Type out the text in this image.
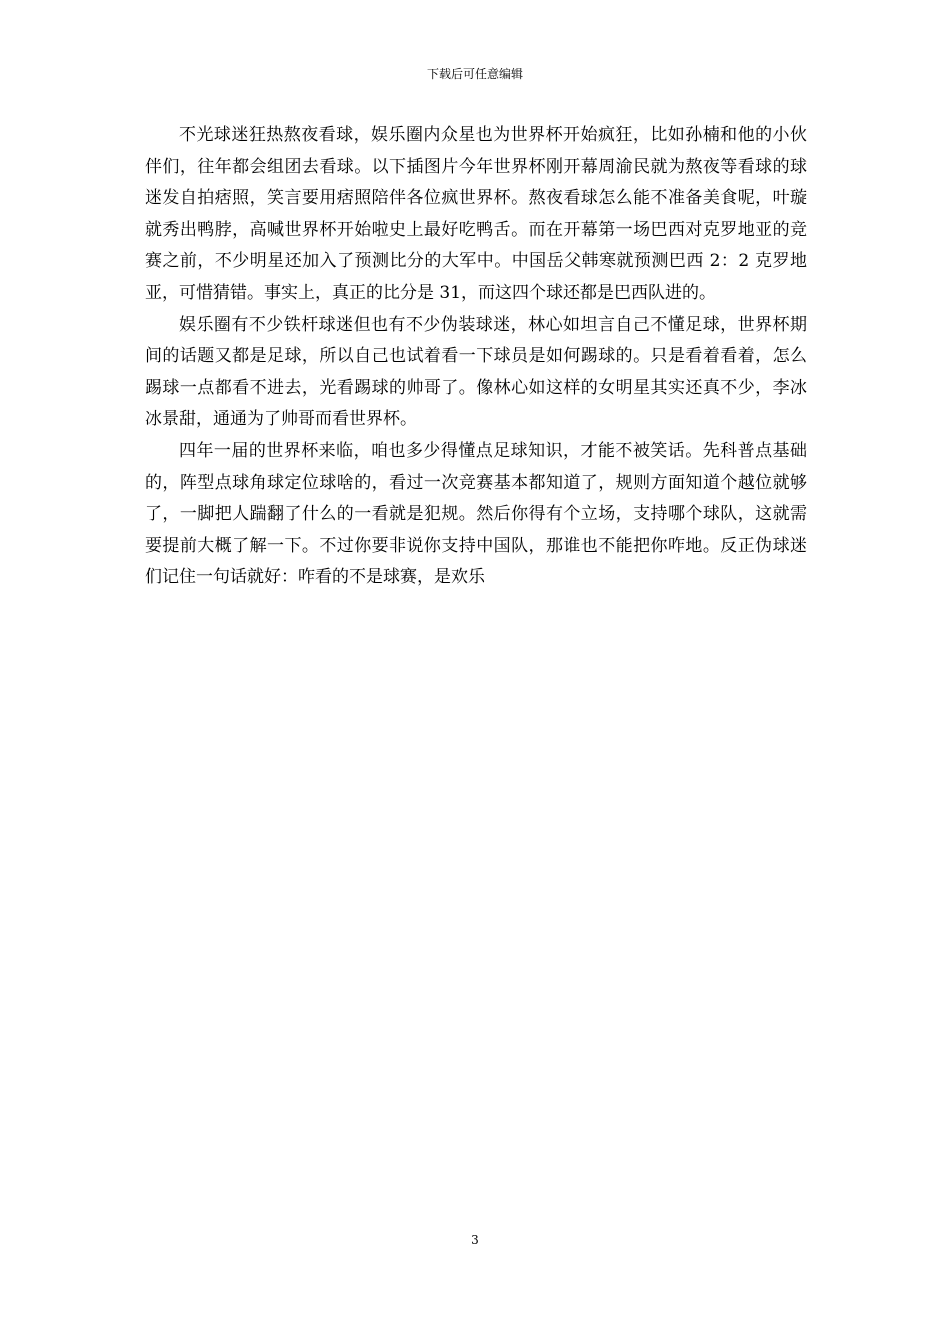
下载后可任意编辑

不光球迷狂热熬夜看球，娱乐圈内众星也为世界杯开始疯狂，比如孙楠和他的小伙伴们，往年都会组团去看球。以下插图片今年世界杯刚开幕周渝民就为熬夜等看球的球迷发自拍痞照，笑言要用痞照陪伴各位疯世界杯。熬夜看球怎么能不准备美食呢，叶璇就秀出鸭脖，高喊世界杯开始啦史上最好吃鸭舌。而在开幕第一场巴西对克罗地亚的竞赛之前，不少明星还加入了预测比分的大军中。中国岳父韩寒就预测巴西 2：2 克罗地亚，可惜猜错。事实上，真正的比分是 31，而这四个球还都是巴西队进的。

娱乐圈有不少铁杆球迷但也有不少伪装球迷，林心如坦言自己不懂足球，世界杯期间的话题又都是足球，所以自己也试着看一下球员是如何踢球的。只是看着看着，怎么踢球一点都看不进去，光看踢球的帅哥了。像林心如这样的女明星其实还真不少，李冰冰景甜，通通为了帅哥而看世界杯。

四年一届的世界杯来临，咱也多少得懂点足球知识，才能不被笑话。先科普点基础的，阵型点球角球定位球啥的，看过一次竞赛基本都知道了，规则方面知道个越位就够了，一脚把人踹翻了什么的一看就是犯规。然后你得有个立场，支持哪个球队，这就需要提前大概了解一下。不过你要非说你支持中国队，那谁也不能把你咋地。反正伪球迷们记住一句话就好：咋看的不是球赛，是欢乐

3
